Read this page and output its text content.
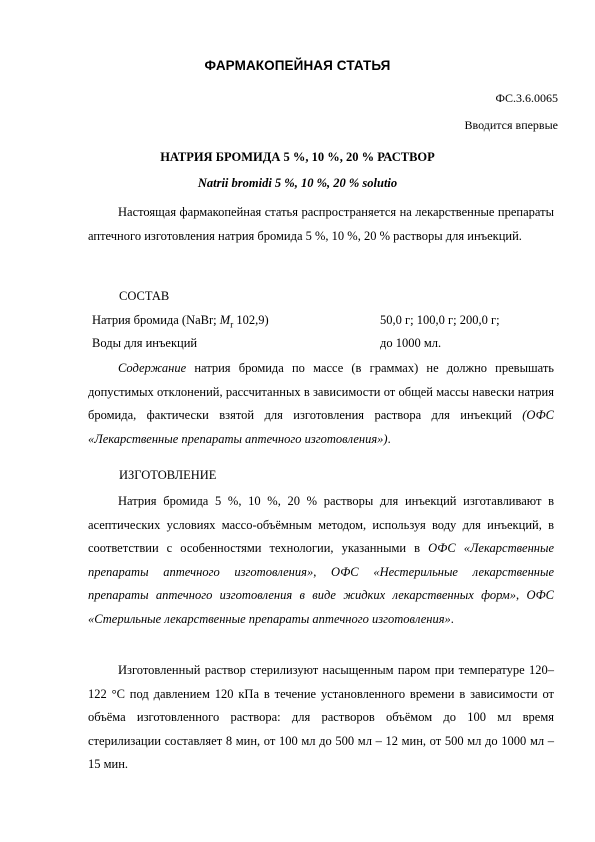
ФАРМАКОПЕЙНАЯ СТАТЬЯ
ФС.3.6.0065
Вводится впервые
НАТРИЯ БРОМИДА 5 %, 10 %, 20 % РАСТВОР
Natrii bromidi 5 %, 10 %, 20 % solutio

Настоящая фармакопейная статья распространяется на лекарственные препараты аптечного изготовления натрия бромида 5 %, 10 %, 20 % растворы для инъекций.

СОСТАВ
Натрия бромида (NaBr; $M_r$ 102,9)	50,0 г; 100,0 г; 200,0 г;
Воды для инъекций	до 1000 мл.

Содержание натрия бромида по массе (в граммах) не должно превышать допустимых отклонений, рассчитанных в зависимости от общей массы навески натрия бромида, фактически взятой для изготовления раствора для инъекций (ОФС «Лекарственные препараты аптечного изготовления»).

ИЗГОТОВЛЕНИЕ

Натрия бромида 5 %, 10 %, 20 % растворы для инъекций изготавливают в асептических условиях массо-объёмным методом, используя воду для инъекций, в соответствии с особенностями технологии, указанными в ОФС «Лекарственные препараты аптечного изготовления», ОФС «Нестерильные лекарственные препараты аптечного изготовления в виде жидких лекарственных форм», ОФС «Стерильные лекарственные препараты аптечного изготовления».

Изготовленный раствор стерилизуют насыщенным паром при температуре 120–122 °С под давлением 120 кПа в течение установленного времени в зависимости от объёма изготовленного раствора: для растворов объёмом до 100 мл время стерилизации составляет 8 мин, от 100 мл до 500 мл – 12 мин, от 500 мл до 1000 мл – 15 мин.
